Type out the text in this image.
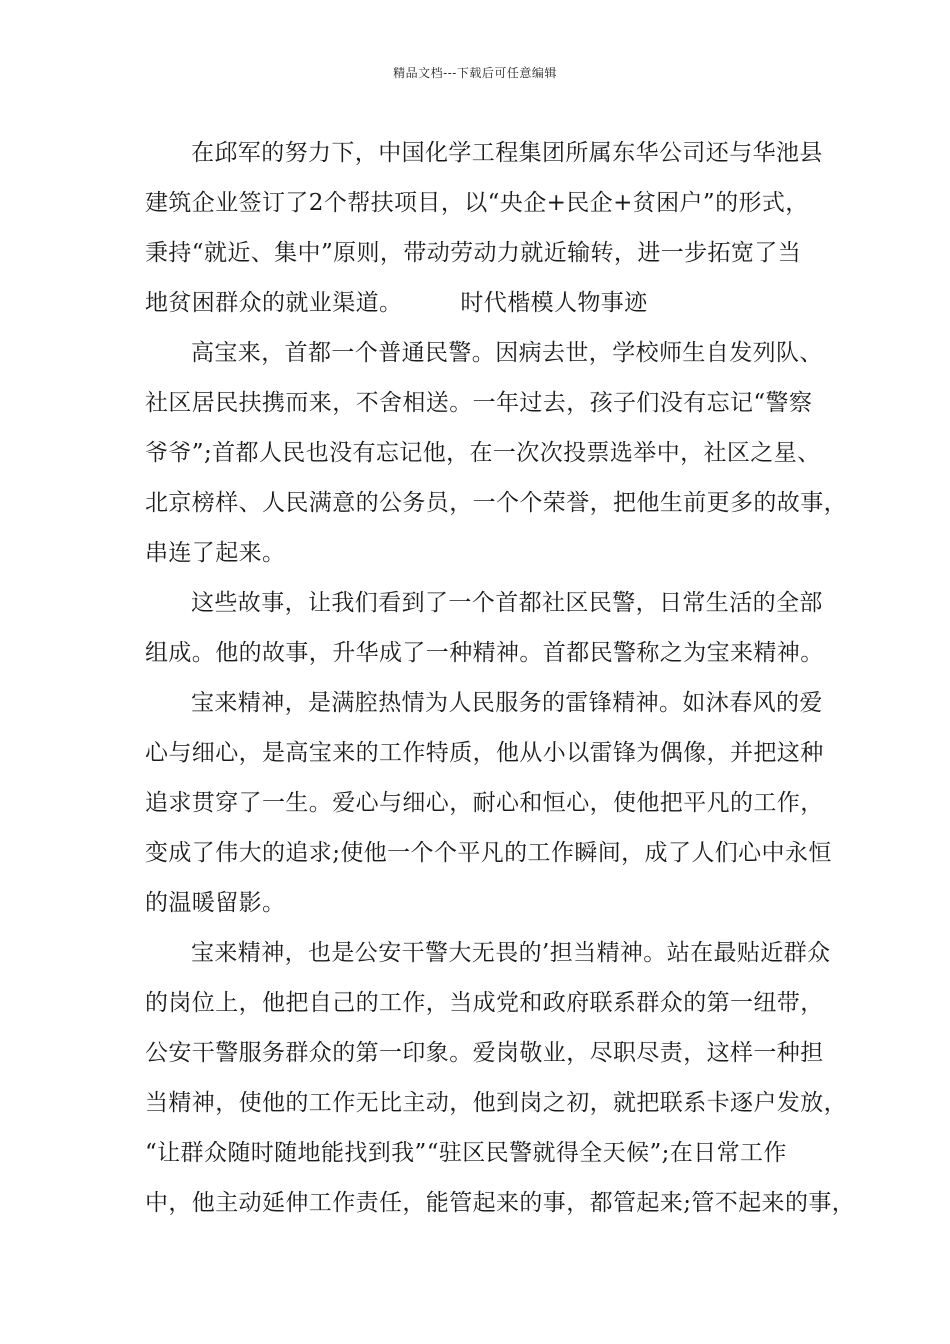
精品文档---下载后可任意编辑
在邱军的努力下，中国化学工程集团所属东华公司还与华池县
建筑企业签订了2个帮扶项目，以“央企+民企+贫困户”的形式，
秉持“就近、集中”原则，带动劳动力就近输转，进一步拓宽了当
地贫困群众的就业渠道。	时代楷模人物事迹
高宝来，首都一个普通民警。因病去世，学校师生自发列队、
社区居民扶携而来，不舍相送。一年过去，孩子们没有忘记“警察
爷爷”;首都人民也没有忘记他，在一次次投票选举中，社区之星、
北京榜样、人民满意的公务员，一个个荣誉，把他生前更多的故事，
串连了起来。
这些故事，让我们看到了一个首都社区民警，日常生活的全部
组成。他的故事，升华成了一种精神。首都民警称之为宝来精神。
宝来精神，是满腔热情为人民服务的雷锋精神。如沐春风的爱
心与细心，是高宝来的工作特质，他从小以雷锋为偶像，并把这种
追求贯穿了一生。爱心与细心，耐心和恒心，使他把平凡的工作，
变成了伟大的追求;使他一个个平凡的工作瞬间，成了人们心中永恒
的温暖留影。
宝来精神，也是公安干警大无畏的’担当精神。站在最贴近群众
的岗位上，他把自己的工作，当成党和政府联系群众的第一纽带，
公安干警服务群众的第一印象。爱岗敬业，尽职尽责，这样一种担
当精神，使他的工作无比主动，他到岗之初，就把联系卡逐户发放，
“让群众随时随地能找到我”“驻区民警就得全天候”;在日常工作
中，他主动延伸工作责任，能管起来的事，都管起来;管不起来的事，
